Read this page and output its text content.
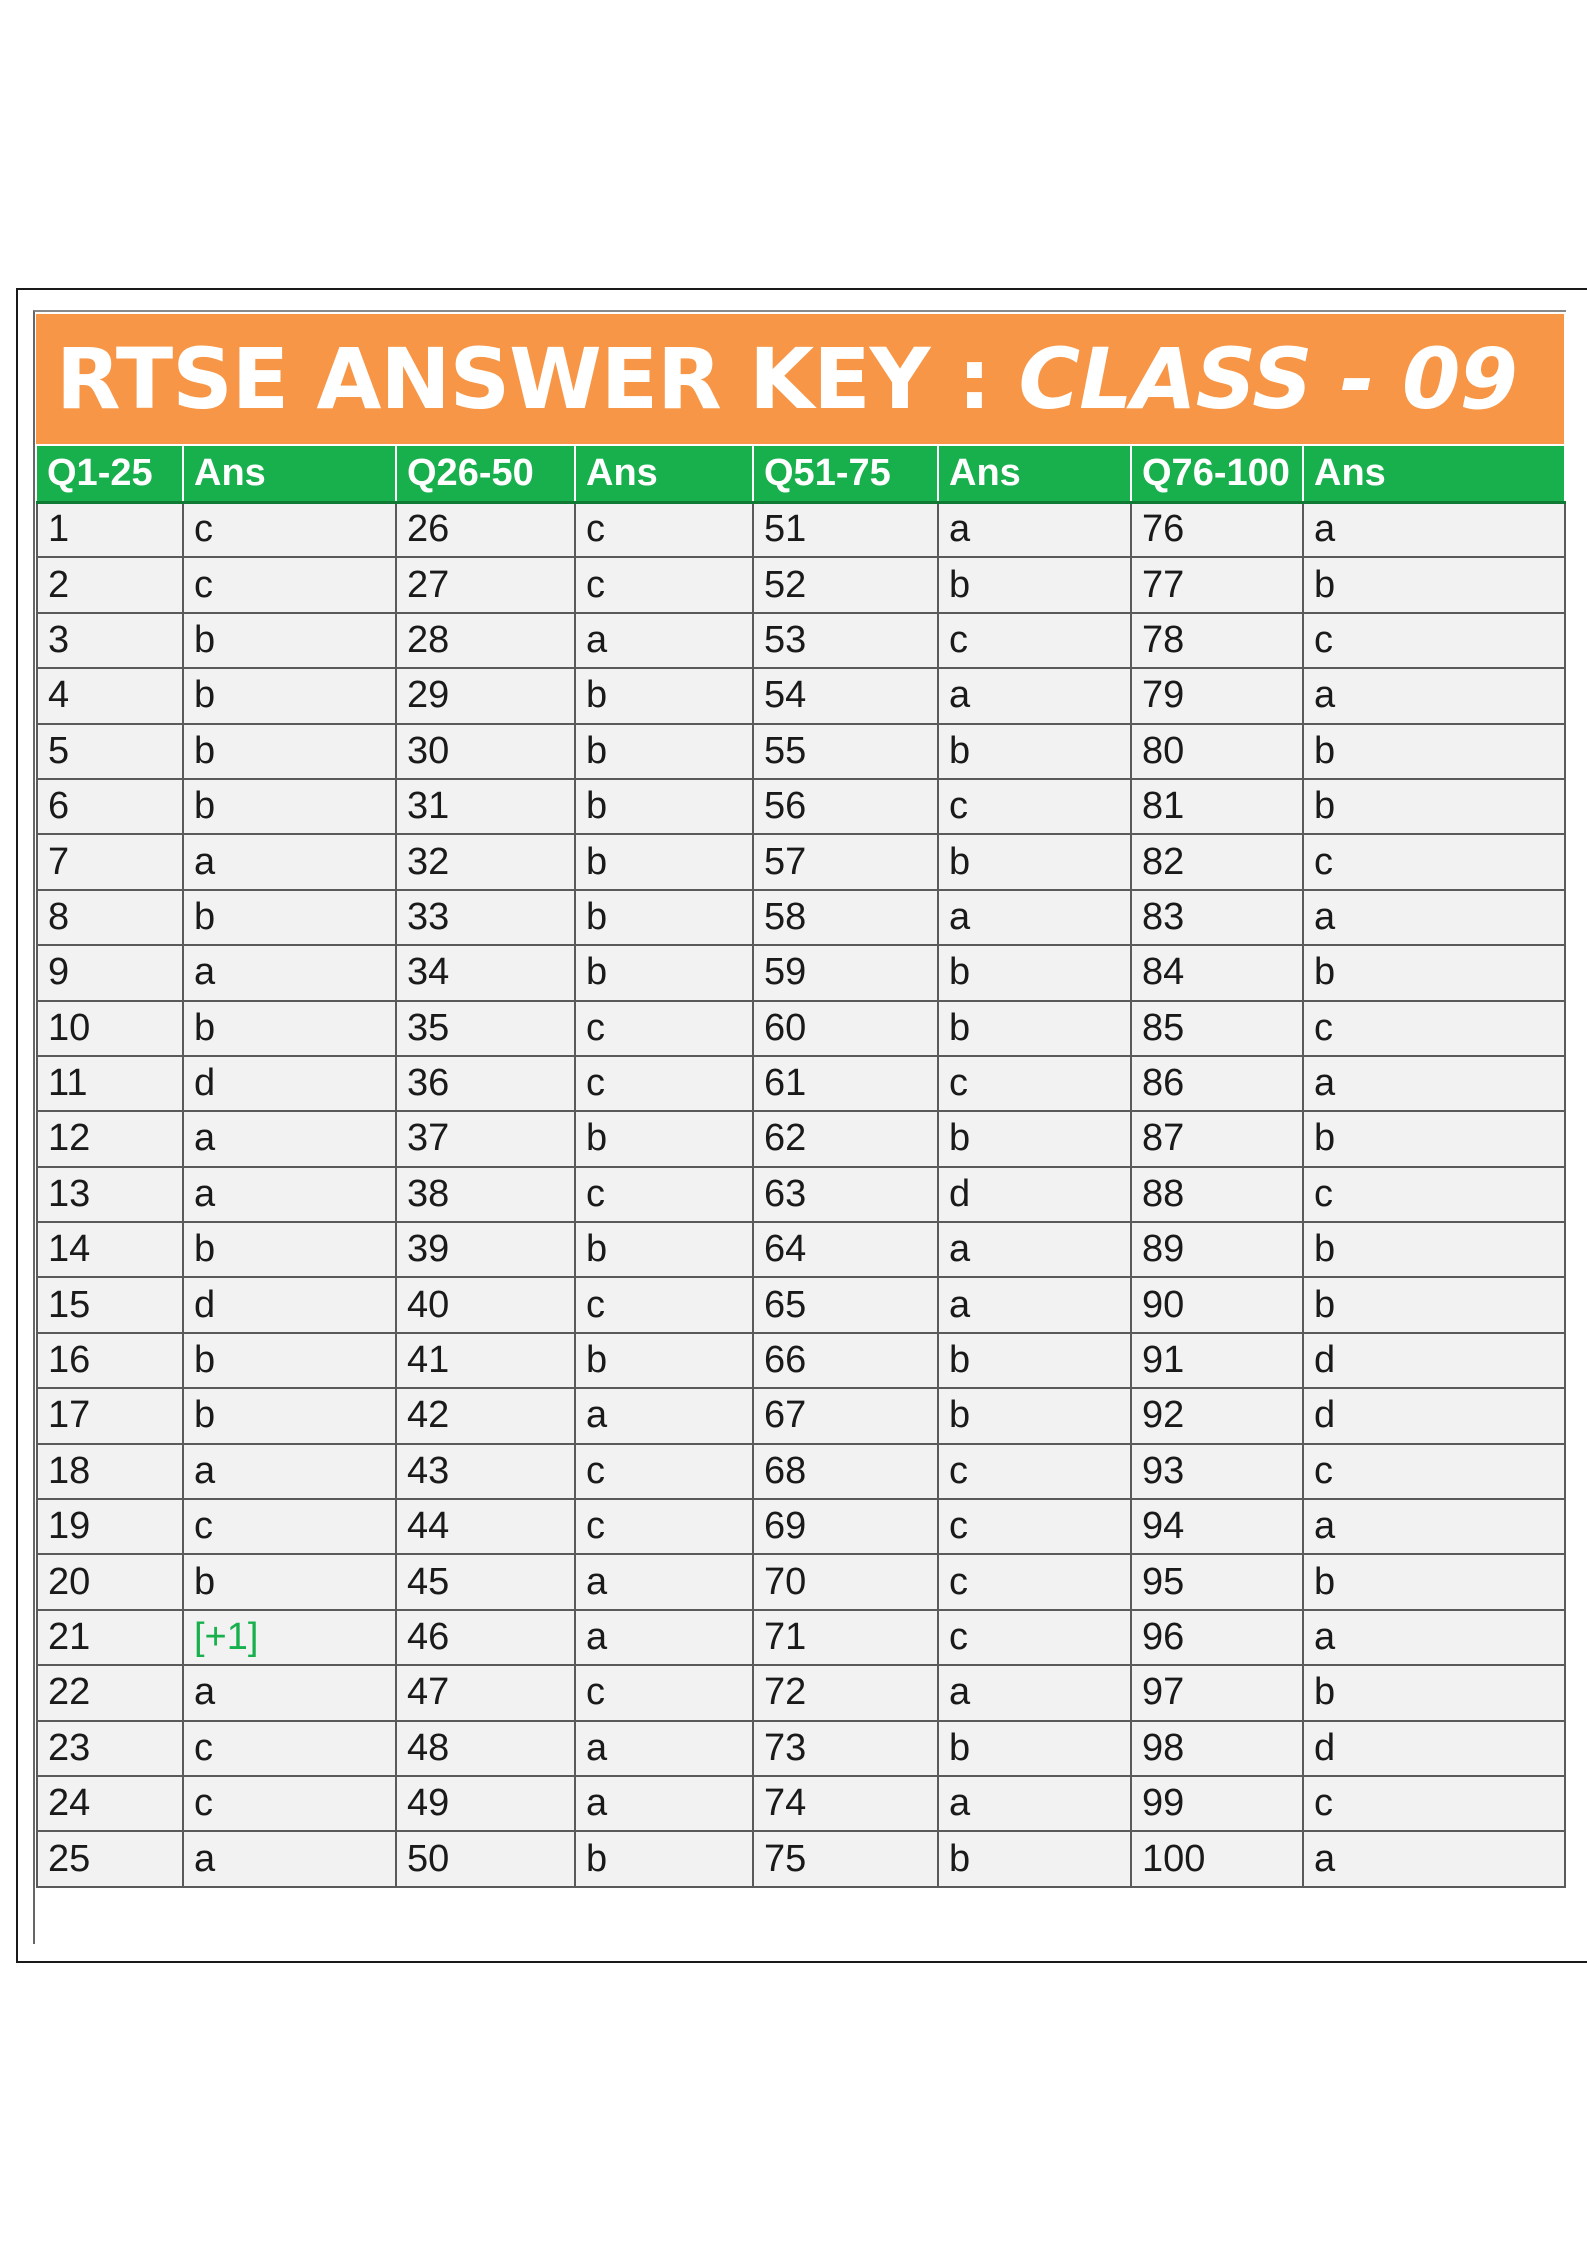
RTSE ANSWER KEY : CLASS - 09
Q1-25	Ans	Q26-50	Ans	Q51-75	Ans	Q76-100	Ans
1	c	26	c	51	a	76	a
2	c	27	c	52	b	77	b
3	b	28	a	53	c	78	c
4	b	29	b	54	a	79	a
5	b	30	b	55	b	80	b
6	b	31	b	56	c	81	b
7	a	32	b	57	b	82	c
8	b	33	b	58	a	83	a
9	a	34	b	59	b	84	b
10	b	35	c	60	b	85	c
11	d	36	c	61	c	86	a
12	a	37	b	62	b	87	b
13	a	38	c	63	d	88	c
14	b	39	b	64	a	89	b
15	d	40	c	65	a	90	b
16	b	41	b	66	b	91	d
17	b	42	a	67	b	92	d
18	a	43	c	68	c	93	c
19	c	44	c	69	c	94	a
20	b	45	a	70	c	95	b
21	[+1]	46	a	71	c	96	a
22	a	47	c	72	a	97	b
23	c	48	a	73	b	98	d
24	c	49	a	74	a	99	c
25	a	50	b	75	b	100	a
